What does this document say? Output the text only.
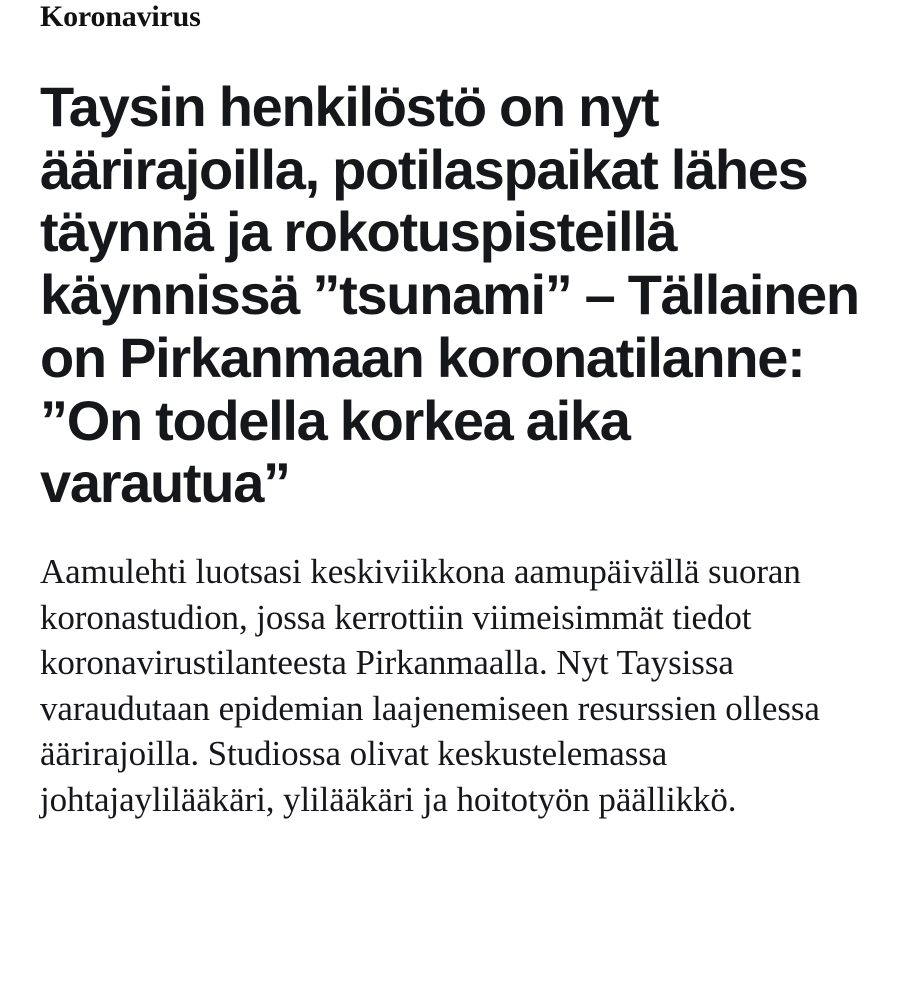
Koronavirus
Taysin henkilöstö on nyt äärirajoilla, potilaspaikat lähes täynnä ja rokotuspisteillä käynnissä ”tsunami” – Tällainen on Pirkanmaan koronatilanne: ”On todella korkea aika varautua”

Aamulehti luotsasi keskiviikkona aamupäivällä suoran koronastudion, jossa kerrottiin viimeisimmät tiedot koronavirustilanteesta Pirkanmaalla. Nyt Taysissa varaudutaan epidemian laajenemiseen resurssien ollessa äärirajoilla. Studiossa olivat keskustelemassa johtajaylilääkäri, ylilääkäri ja hoitotyön päällikkö.
